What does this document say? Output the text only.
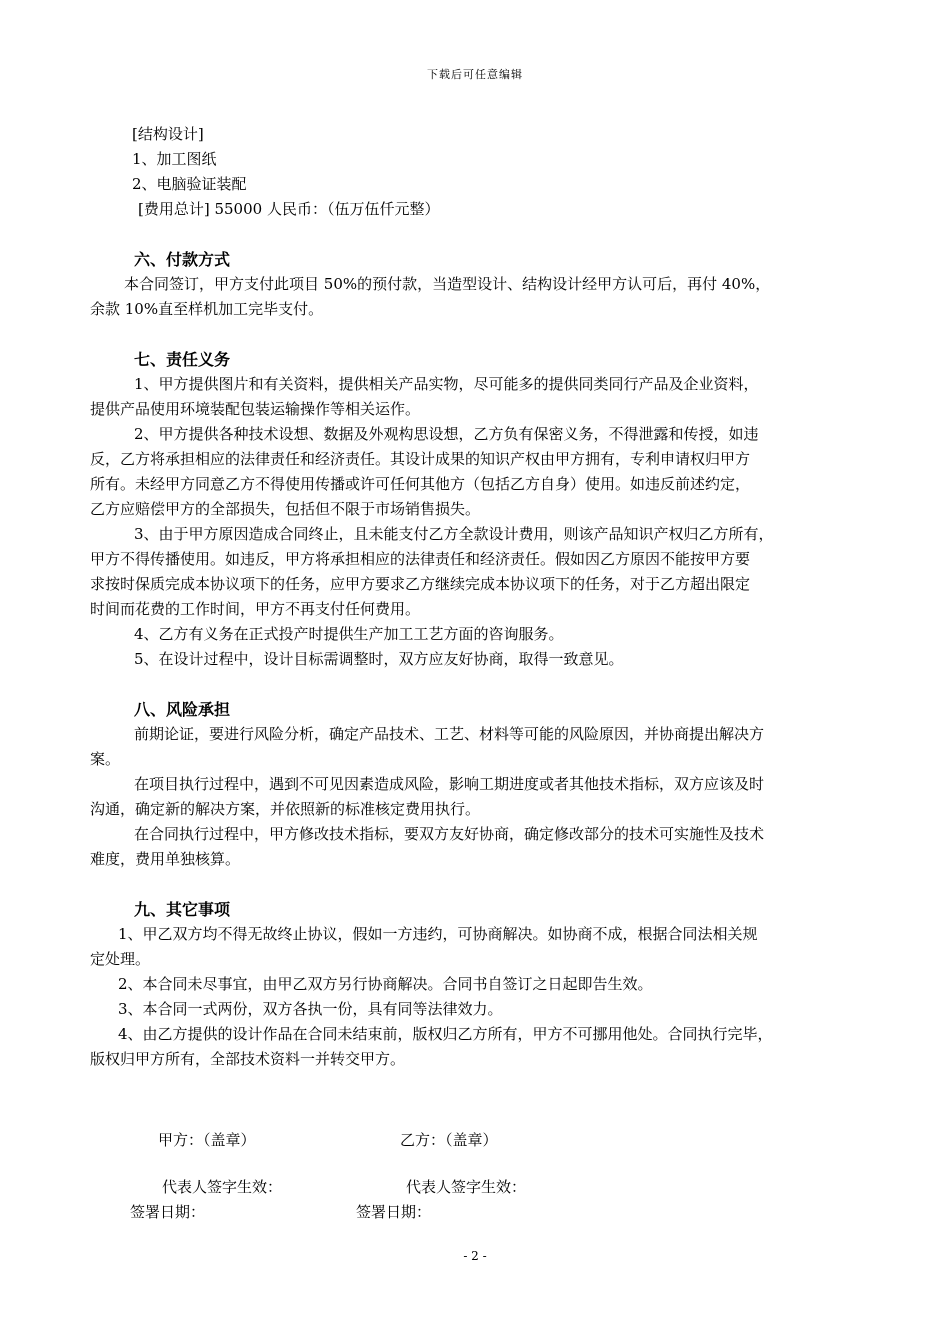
下载后可任意编辑
[结构设计]
1、加工图纸
2、电脑验证装配
[费用总计] 55000 人民币：（伍万伍仟元整）
六、付款方式
本合同签订，甲方支付此项目 50%的预付款，当造型设计、结构设计经甲方认可后，再付 40%，
余款 10%直至样机加工完毕支付。
七、责任义务
1、甲方提供图片和有关资料，提供相关产品实物，尽可能多的提供同类同行产品及企业资料，
提供产品使用环境装配包装运输操作等相关运作。
2、甲方提供各种技术设想、数据及外观构思设想，乙方负有保密义务，不得泄露和传授，如违
反，乙方将承担相应的法律责任和经济责任。其设计成果的知识产权由甲方拥有，专利申请权归甲方
所有。未经甲方同意乙方不得使用传播或许可任何其他方（包括乙方自身）使用。如违反前述约定，
乙方应赔偿甲方的全部损失，包括但不限于市场销售损失。
3、由于甲方原因造成合同终止，且未能支付乙方全款设计费用，则该产品知识产权归乙方所有，
甲方不得传播使用。如违反，甲方将承担相应的法律责任和经济责任。假如因乙方原因不能按甲方要
求按时保质完成本协议项下的任务，应甲方要求乙方继续完成本协议项下的任务，对于乙方超出限定
时间而花费的工作时间，甲方不再支付任何费用。
4、乙方有义务在正式投产时提供生产加工工艺方面的咨询服务。
5、在设计过程中，设计目标需调整时，双方应友好协商，取得一致意见。
八、风险承担
前期论证，要进行风险分析，确定产品技术、工艺、材料等可能的风险原因，并协商提出解决方
案。
在项目执行过程中，遇到不可见因素造成风险，影响工期进度或者其他技术指标，双方应该及时
沟通，确定新的解决方案，并依照新的标准核定费用执行。
在合同执行过程中，甲方修改技术指标，要双方友好协商，确定修改部分的技术可实施性及技术
难度，费用单独核算。
九、其它事项
1、甲乙双方均不得无故终止协议，假如一方违约，可协商解决。如协商不成，根据合同法相关规
定处理。
2、本合同未尽事宜，由甲乙双方另行协商解决。合同书自签订之日起即告生效。
3、本合同一式两份，双方各执一份，具有同等法律效力。
4、由乙方提供的设计作品在合同未结束前，版权归乙方所有，甲方不可挪用他处。合同执行完毕，
版权归甲方所有，全部技术资料一并转交甲方。
甲方：（盖章）	乙方：（盖章）
代表人签字生效：	代表人签字生效：
签署日期：	签署日期：
- 2 -
